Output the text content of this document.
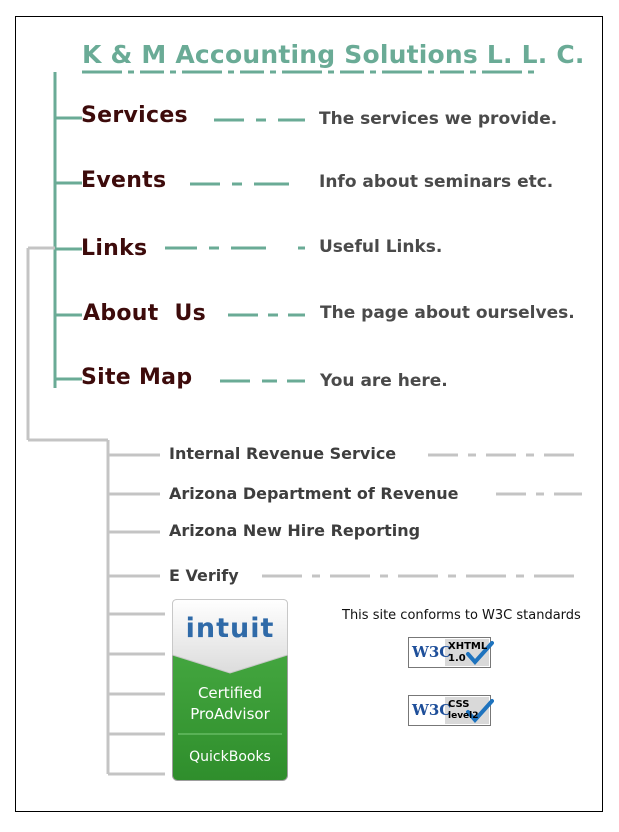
K & M Accounting Solutions L. L. C.
Services	The services we provide.
Events	Info about seminars etc.
Links	Useful Links.
About  Us	The page about ourselves.
Site Map	You are here.
Internal Revenue Service
Arizona Department of Revenue
Arizona New Hire Reporting
E Verify
intuit
Certified
ProAdvisor
QuickBooks
This site conforms to W3C standards
W3C
XHTML
1.0
W3C
CSS
level2
